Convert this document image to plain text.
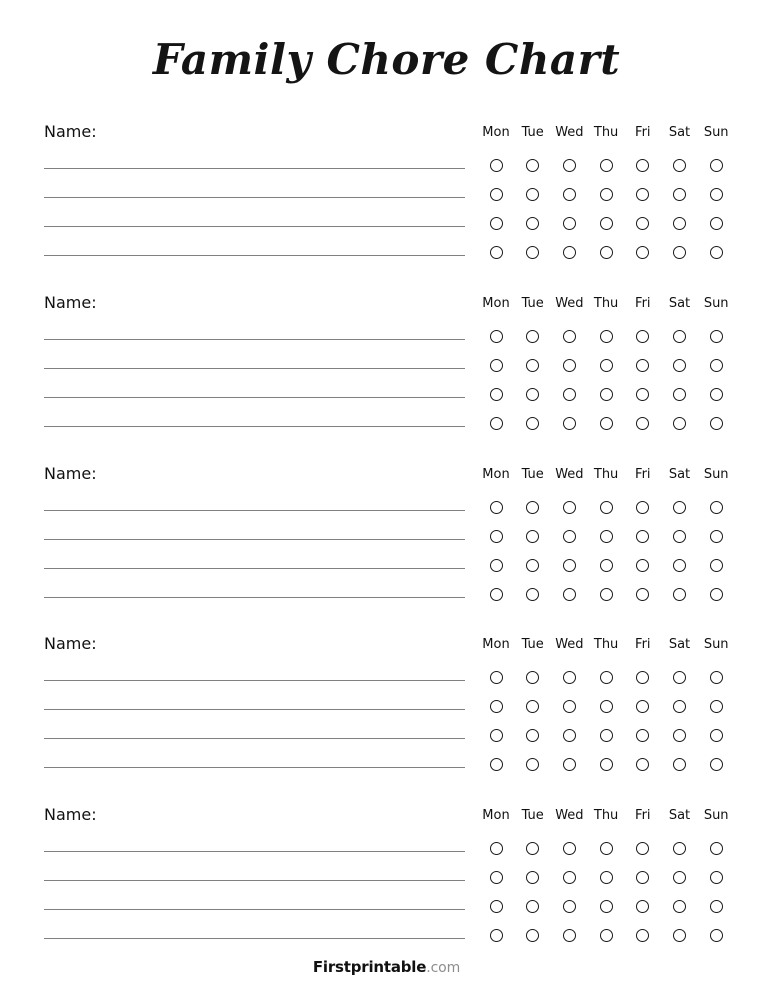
Family Chore Chart
Name:	Mon Tue Wed Thu	Fri	Sat	Sun
Name:	Mon Tue Wed Thu	Fri	Sat	Sun
Name:	Mon Tue Wed Thu	Fri	Sat	Sun
Name:	Mon Tue Wed Thu	Fri	Sat	Sun
Name:	Mon Tue Wed Thu	Fri	Sat	Sun
Firstprintable.com
